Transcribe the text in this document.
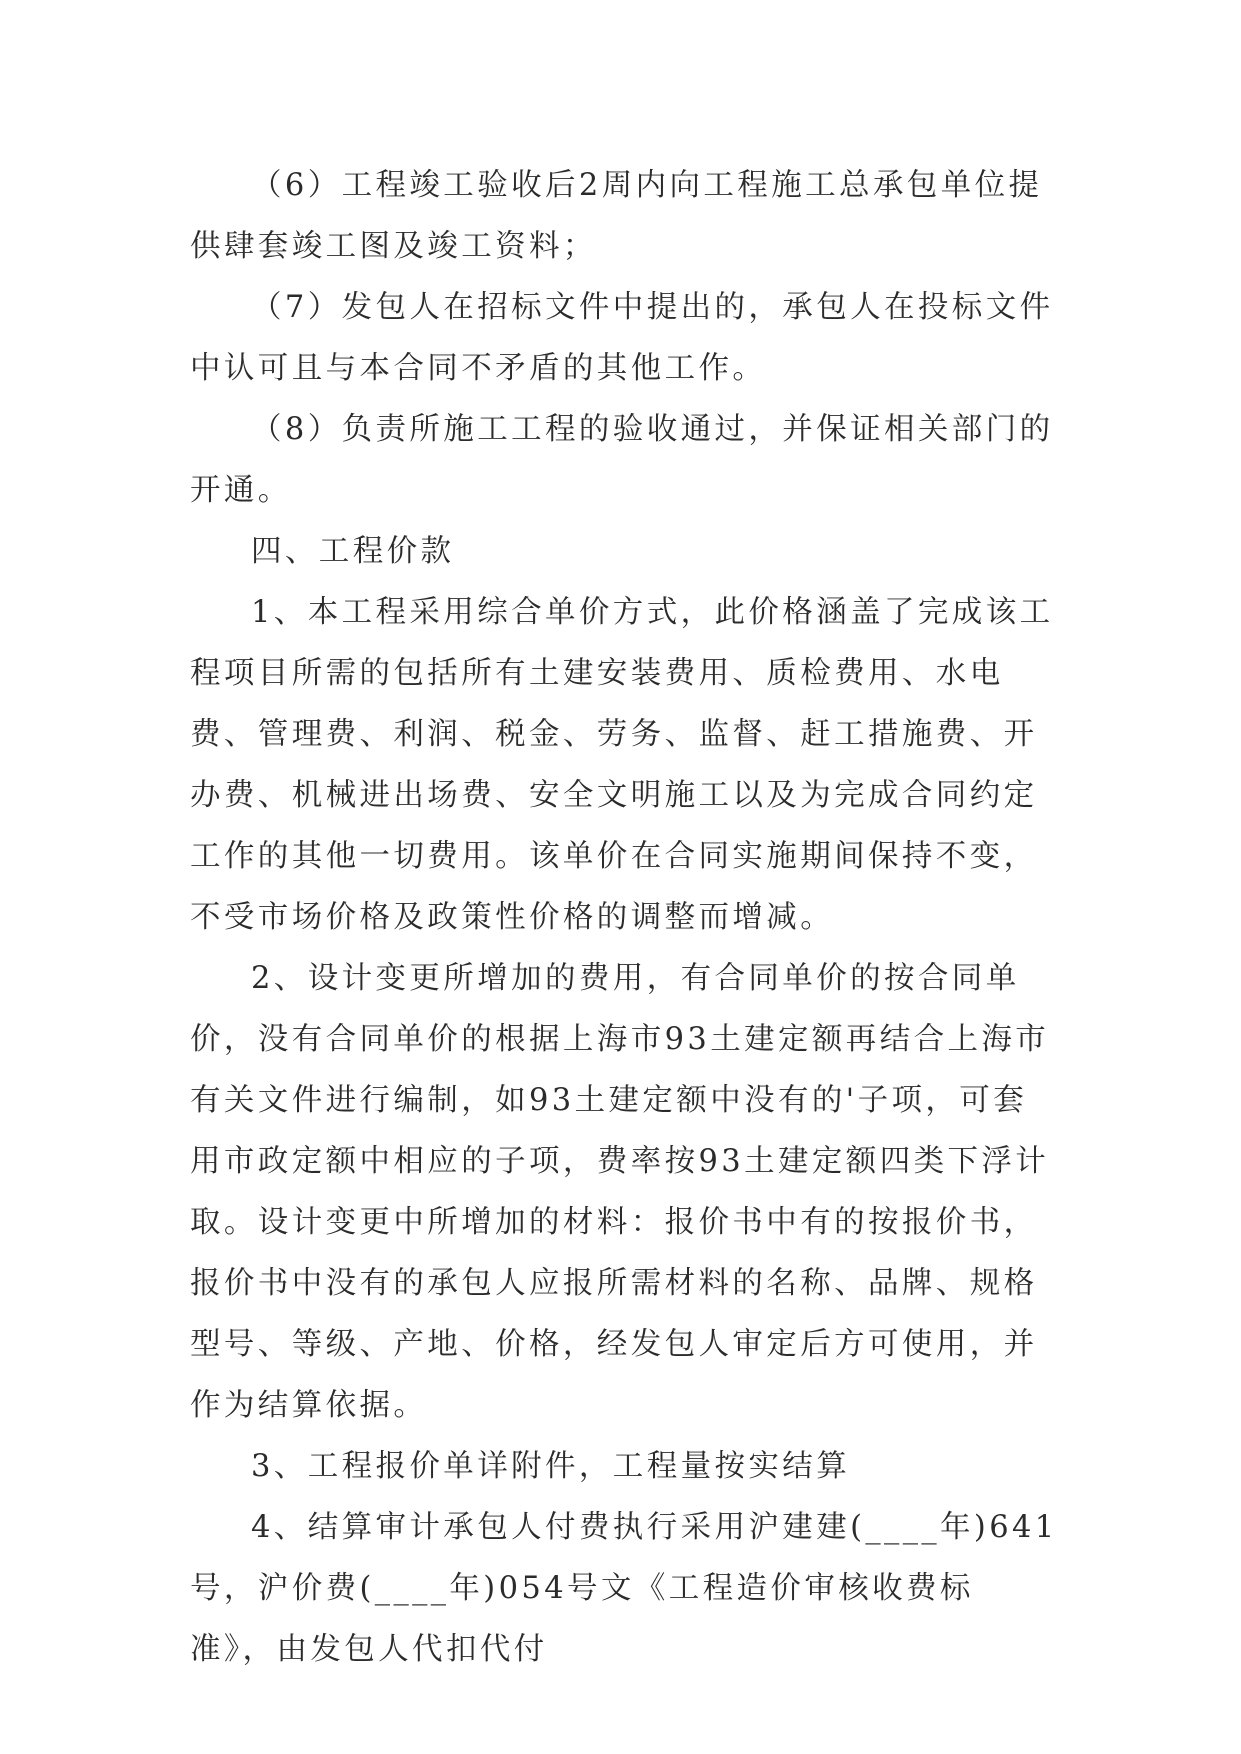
（6）工程竣工验收后2周内向工程施工总承包单位提供肆套竣工图及竣工资料；

（7）发包人在招标文件中提出的，承包人在投标文件中认可且与本合同不矛盾的其他工作。

（8）负责所施工工程的验收通过，并保证相关部门的开通。

四、工程价款

1、本工程采用综合单价方式，此价格涵盖了完成该工程项目所需的包括所有土建安装费用、质检费用、水电费、管理费、利润、税金、劳务、监督、赶工措施费、开办费、机械进出场费、安全文明施工以及为完成合同约定工作的其他一切费用。该单价在合同实施期间保持不变，不受市场价格及政策性价格的调整而增减。

2、设计变更所增加的费用，有合同单价的按合同单价，没有合同单价的根据上海市93土建定额再结合上海市有关文件进行编制，如93土建定额中没有的'子项，可套用市政定额中相应的子项，费率按93土建定额四类下浮计取。设计变更中所增加的材料：报价书中有的按报价书，报价书中没有的承包人应报所需材料的名称、品牌、规格型号、等级、产地、价格，经发包人审定后方可使用，并作为结算依据。

3、工程报价单详附件，工程量按实结算

4、结算审计承包人付费执行采用沪建建(____年)641号，沪价费(____年)054号文《工程造价审核收费标准》，由发包人代扣代付
